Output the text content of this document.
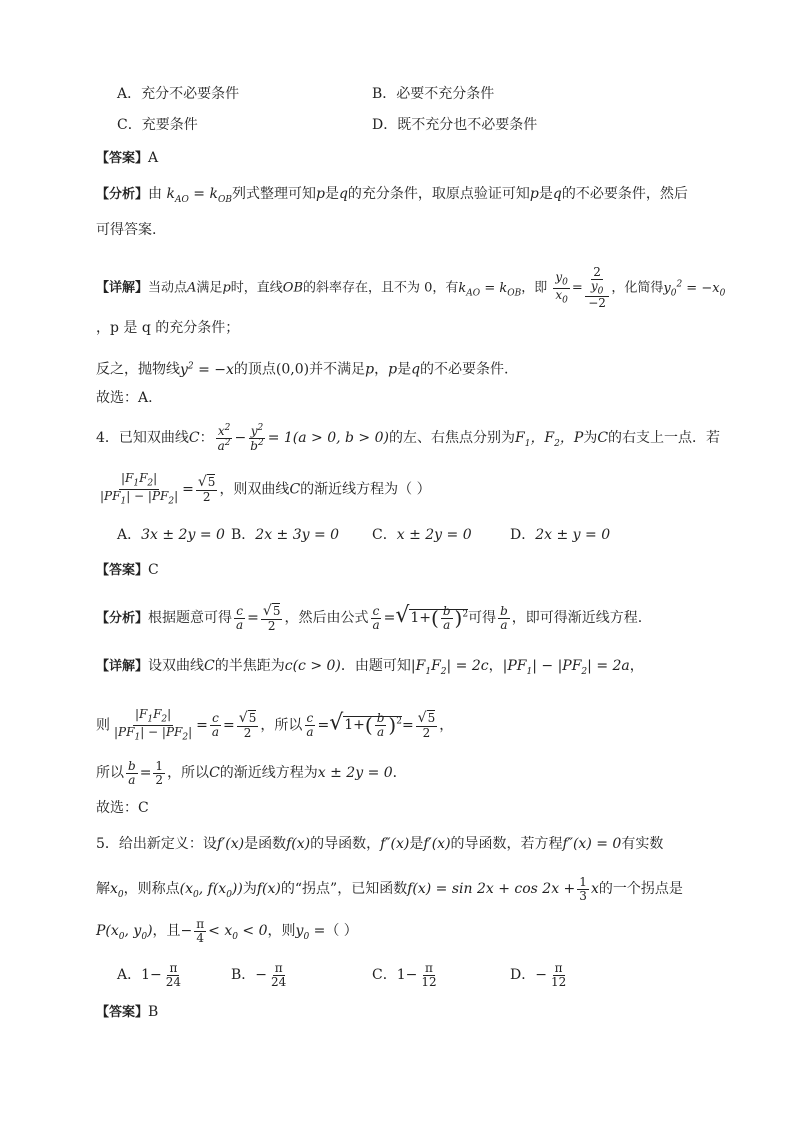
A．充分不必要条件	B．必要不充分条件
C．充要条件	D．既不充分也不必要条件
【答案】A
【分析】由 $k_{AO} = k_{OB}$列式整理可知p是q的充分条件，取原点验证可知p是q的不必要条件，然后
可得答案.
【详解】当动点A满足p时，直线OB的斜率存在，且不为 0，有$k_{AO} = k_{OB}$，即 $\frac{y_0}{x_0} = \frac{\frac{2}{y_0}}{-2}$ ，化简得$y_0^2 = -x_0$
，p 是 q 的充分条件；
反之，抛物线$y^2 = -x$的顶点(0,0)并不满足p，p是q的不必要条件.
故选：A.
4．已知双曲线C： $\frac{x^2}{a^2} - \frac{y^2}{b^2} = 1(a > 0$, b > 0)的左、右焦点分别为$F_1$，$F_2$，P为C的右支上一点．若
$\frac{|F_1F_2|}{|PF_1| - |PF_2|} = \frac{√5}{2}$ ，则双曲线C的渐近线方程为（ ）
A．3x ± 2y = 0 B．2x ± 3y = 0 C．x ± 2y = 0	D．2x ± y = 0
【答案】C
【分析】根据题意可得 $\frac{c}{a} = \frac{√5}{2}$ ，然后由公式 $\frac{c}{a} =√1+( \frac{b}{a} )^2$可得 $\frac{b}{a}$ ，即可得渐近线方程.
【详解】设双曲线C的半焦距为c(c > 0)．由题可知$|F_1F_2| = 2c$，$|PF_1| - |PF_2| = 2a$，
则 $\frac{|F_1F_2|}{|PF_1| - |PF_2|} = \frac{c}{a} = \frac{√5}{2}$ ，所以 $\frac{c}{a} =√1+( \frac{b}{a} )^2= \frac{√5}{2}$ ，
所以 $\frac{b}{a} = \frac{1}{2}$ ，所以C的渐近线方程为x ± 2y = 0．
故选：C
5．给出新定义：设f′(x)是函数f(x)的导函数，f″(x)是f′(x)的导函数，若方程f″(x) = 0有实数
解$x_0$，则称点($x_0$, $f(x_0)$)为f(x)的“拐点”，已知函数$f(x) = \sin 2x + \cos 2x + \frac{1}{3}$ x的一个拐点是
$P(x_0$, $y_0$)，且− $\frac{\pi}{4} < x_0 < 0$，则$y_0$ =（ ）
A．$1- \frac{\pi}{24}$	B．− $\frac{\pi}{24}$	C．$1- \frac{\pi}{12}$	D．− $\frac{\pi}{12}$
【答案】B
